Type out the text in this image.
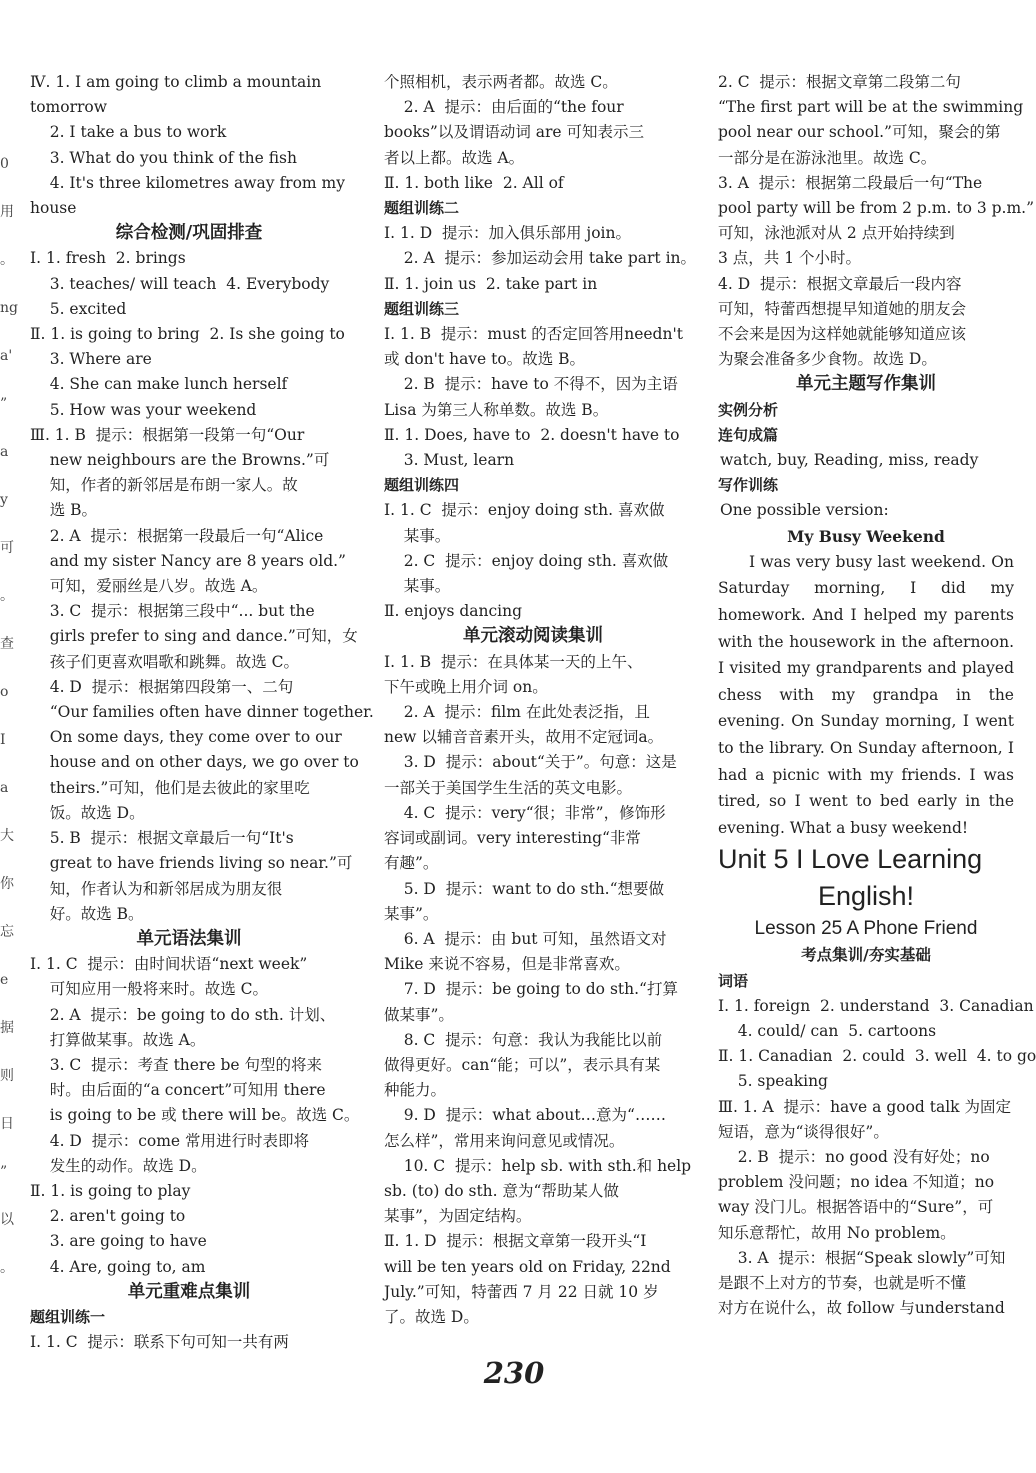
0
用
。
ng
a'
”
a
y
可
。
查
o
I
a
大
你
忘
e
据
则
日
”
以
。
Ⅳ. 1. I am going to climb a mountain
tomorrow
2. I take a bus to work
3. What do you think of the fish
4. It's three kilometres away from my
house
综合检测/巩固排查
Ⅰ. 1. fresh  2. brings
3. teaches/ will teach  4. Everybody
5. excited
Ⅱ. 1. is going to bring  2. Is she going to
3. Where are
4. She can make lunch herself
5. How was your weekend
Ⅲ. 1. B  提示：根据第一段第一句“Our
new neighbours are the Browns.”可
知，作者的新邻居是布朗一家人。故
选 B。
2. A  提示：根据第一段最后一句“Alice
and my sister Nancy are 8 years old.”
可知，爱丽丝是八岁。故选 A。
3. C  提示：根据第三段中“... but the
girls prefer to sing and dance.”可知，女
孩子们更喜欢唱歌和跳舞。故选 C。
4. D  提示：根据第四段第一、二句
“Our families often have dinner together.
On some days, they come over to our
house and on other days, we go over to
theirs.”可知，他们是去彼此的家里吃
饭。故选 D。
5. B  提示：根据文章最后一句“It's
great to have friends living so near.”可
知，作者认为和新邻居成为朋友很
好。故选 B。
单元语法集训
Ⅰ. 1. C  提示：由时间状语“next week”
可知应用一般将来时。故选 C。
2. A  提示：be going to do sth. 计划、
打算做某事。故选 A。
3. C  提示：考查 there be 句型的将来
时。由后面的“a concert”可知用 there
is going to be 或 there will be。故选 C。
4. D  提示：come 常用进行时表即将
发生的动作。故选 D。
Ⅱ. 1. is going to play
2. aren't going to
3. are going to have
4. Are, going to, am
单元重难点集训
题组训练一
Ⅰ. 1. C  提示：联系下句可知一共有两
个照相机，表示两者都。故选 C。
2. A  提示：由后面的“the four
books”以及谓语动词 are 可知表示三
者以上都。故选 A。
Ⅱ. 1. both like  2. All of
题组训练二
Ⅰ. 1. D  提示：加入俱乐部用 join。
2. A  提示：参加运动会用 take part in。
Ⅱ. 1. join us  2. take part in
题组训练三
Ⅰ. 1. B  提示：must 的否定回答用needn't
或 don't have to。故选 B。
2. B  提示：have to 不得不，因为主语
Lisa 为第三人称单数。故选 B。
Ⅱ. 1. Does, have to  2. doesn't have to
3. Must, learn
题组训练四
Ⅰ. 1. C  提示：enjoy doing sth. 喜欢做
某事。
2. C  提示：enjoy doing sth. 喜欢做
某事。
Ⅱ. enjoys dancing
单元滚动阅读集训
Ⅰ. 1. B  提示：在具体某一天的上午、
下午或晚上用介词 on。
2. A  提示：film 在此处表泛指，且
new 以辅音音素开头，故用不定冠词a。
3. D  提示：about“关于”。句意：这是
一部关于美国学生生活的英文电影。
4. C  提示：very“很；非常”，修饰形
容词或副词。very interesting“非常
有趣”。
5. D  提示：want to do sth.“想要做
某事”。
6. A  提示：由 but 可知，虽然语文对
Mike 来说不容易，但是非常喜欢。
7. D  提示：be going to do sth.“打算
做某事”。
8. C  提示：句意：我认为我能比以前
做得更好。can“能；可以”，表示具有某
种能力。
9. D  提示：what about…意为“……
怎么样”，常用来询问意见或情况。
10. C  提示：help sb. with sth.和 help
sb. (to) do sth. 意为“帮助某人做
某事”，为固定结构。
Ⅱ. 1. D  提示：根据文章第一段开头“I
will be ten years old on Friday, 22nd
July.”可知，特蕾西 7 月 22 日就 10 岁
了。故选 D。
2. C  提示：根据文章第二段第二句
“The first part will be at the swimming
pool near our school.”可知，聚会的第
一部分是在游泳池里。故选 C。
3. A  提示：根据第二段最后一句“The
pool party will be from 2 p.m. to 3 p.m.”
可知，泳池派对从 2 点开始持续到
3 点，共 1 个小时。
4. D  提示：根据文章最后一段内容
可知，特蕾西想提早知道她的朋友会
不会来是因为这样她就能够知道应该
为聚会准备多少食物。故选 D。
单元主题写作集训
实例分析
连句成篇
watch, buy, Reading, miss, ready
写作训练
One possible version:
My Busy Weekend
I was very busy last weekend. On Saturday morning, I did my homework. And I helped my parents with the housework in the afternoon. I visited my grandparents and played chess with my grandpa in the evening. On Sunday morning, I went to the library. On Sunday afternoon, I had a picnic with my friends. I was tired, so I went to bed early in the evening. What a busy weekend!
Unit 5 I Love Learning
English!
Lesson 25 A Phone Friend
考点集训/夯实基础
词语
Ⅰ. 1. foreign  2. understand  3. Canadian
4. could/ can  5. cartoons
Ⅱ. 1. Canadian  2. could  3. well  4. to go
5. speaking
Ⅲ. 1. A  提示：have a good talk 为固定
短语，意为“谈得很好”。
2. B  提示：no good 没有好处；no
problem 没问题；no idea 不知道；no
way 没门儿。根据答语中的“Sure”，可
知乐意帮忙，故用 No problem。
3. A  提示：根据“Speak slowly”可知
是跟不上对方的节奏，也就是听不懂
对方在说什么，故 follow 与understand
230
